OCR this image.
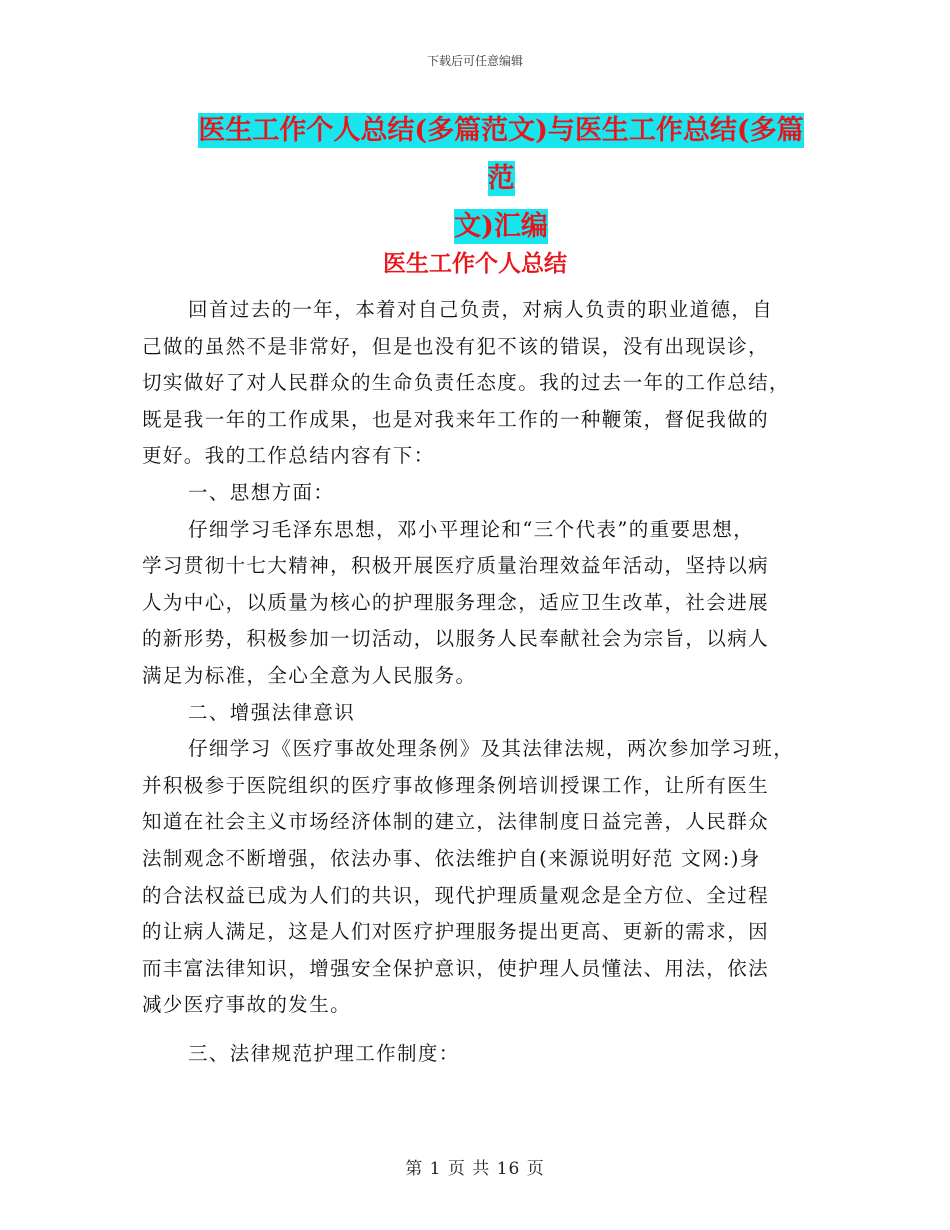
下载后可任意编辑
医生工作个人总结(多篇范文)与医生工作总结(多篇范
文)汇编
医生工作个人总结
回首过去的一年，本着对自己负责，对病人负责的职业道德，自
己做的虽然不是非常好，但是也没有犯不该的错误，没有出现误诊，
切实做好了对人民群众的生命负责任态度。我的过去一年的工作总结，
既是我一年的工作成果，也是对我来年工作的一种鞭策，督促我做的
更好。我的工作总结内容有下：
一、思想方面：
仔细学习毛泽东思想，邓小平理论和“三个代表”的重要思想，
学习贯彻十七大精神，积极开展医疗质量治理效益年活动，坚持以病
人为中心，以质量为核心的护理服务理念，适应卫生改革，社会进展
的新形势，积极参加一切活动，以服务人民奉献社会为宗旨，以病人
满足为标准，全心全意为人民服务。
二、增强法律意识
仔细学习《医疗事故处理条例》及其法律法规，两次参加学习班，
并积极参于医院组织的医疗事故修理条例培训授课工作，让所有医生
知道在社会主义市场经济体制的建立，法律制度日益完善，人民群众
法制观念不断增强，依法办事、依法维护自(来源说明好范 文网:)身
的合法权益已成为人们的共识，现代护理质量观念是全方位、全过程
的让病人满足，这是人们对医疗护理服务提出更高、更新的需求，因
而丰富法律知识，增强安全保护意识，使护理人员懂法、用法，依法
减少医疗事故的发生。
三、法律规范护理工作制度：
第 1 页 共 16 页
